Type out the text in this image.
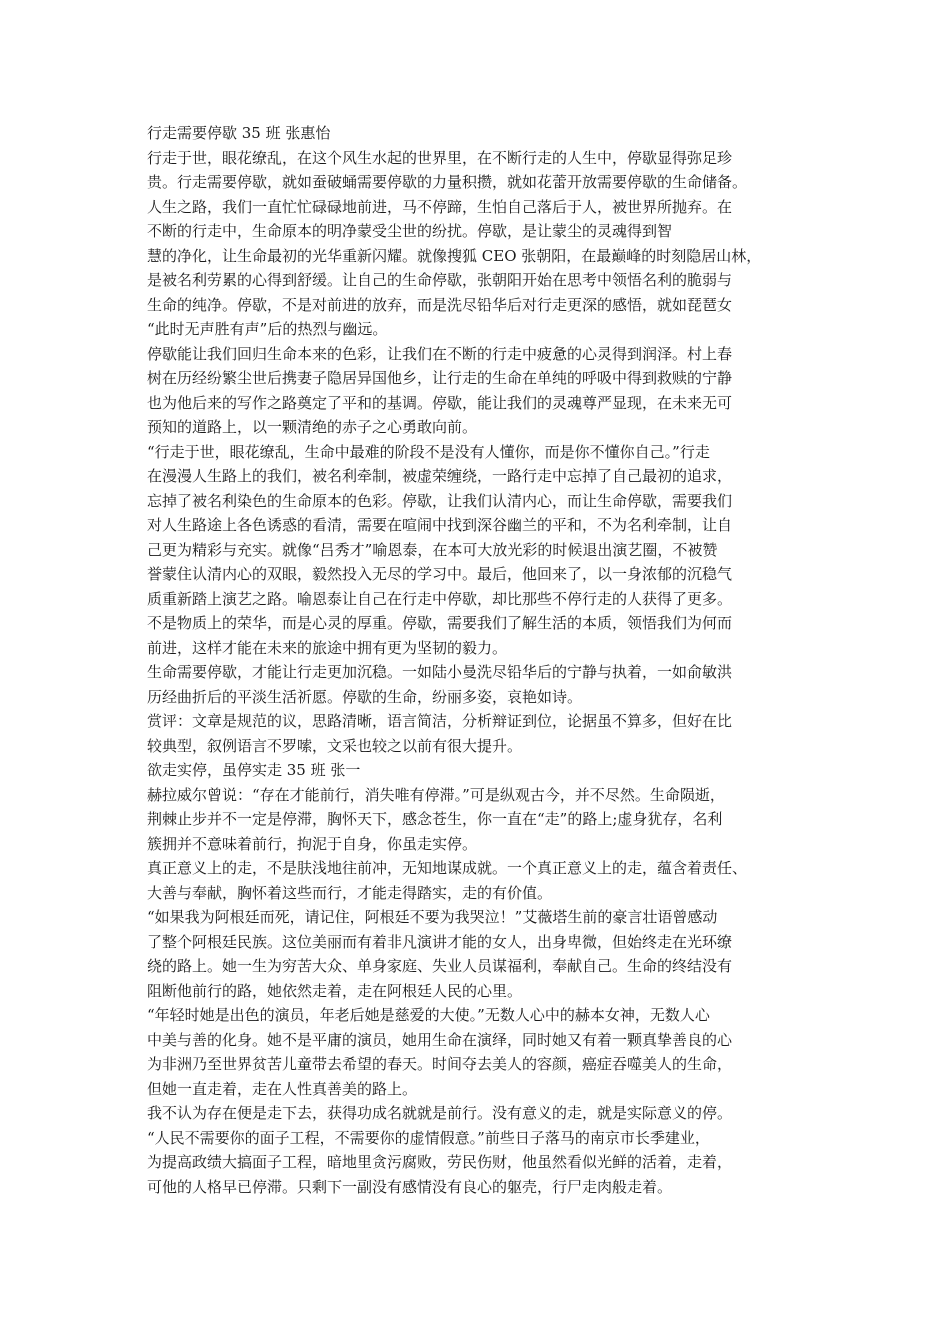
行走需要停歇 35 班 张惠怡
行走于世，眼花缭乱，在这个风生水起的世界里，在不断行走的人生中，停歇显得弥足珍
贵。行走需要停歇，就如蚕破蛹需要停歇的力量积攒，就如花蕾开放需要停歇的生命储备。
人生之路，我们一直忙忙碌碌地前进，马不停蹄，生怕自己落后于人，被世界所抛弃。在
不断的行走中，生命原本的明净蒙受尘世的纷扰。停歇，是让蒙尘的灵魂得到智
慧的净化，让生命最初的光华重新闪耀。就像搜狐 CEO 张朝阳，在最巅峰的时刻隐居山林，
是被名利劳累的心得到舒缓。让自己的生命停歇，张朝阳开始在思考中领悟名利的脆弱与
生命的纯净。停歇，不是对前进的放弃，而是洗尽铅华后对行走更深的感悟，就如琵琶女
“此时无声胜有声”后的热烈与幽远。
停歇能让我们回归生命本来的色彩，让我们在不断的行走中疲惫的心灵得到润泽。村上春
树在历经纷繁尘世后携妻子隐居异国他乡，让行走的生命在单纯的呼吸中得到救赎的宁静
也为他后来的写作之路奠定了平和的基调。停歇，能让我们的灵魂尊严显现，在未来无可
预知的道路上，以一颗清绝的赤子之心勇敢向前。
“行走于世，眼花缭乱，生命中最难的阶段不是没有人懂你，而是你不懂你自己。”行走
在漫漫人生路上的我们，被名利牵制，被虚荣缠绕，一路行走中忘掉了自己最初的追求，
忘掉了被名利染色的生命原本的色彩。停歇，让我们认清内心，而让生命停歇，需要我们
对人生路途上各色诱惑的看清，需要在喧闹中找到深谷幽兰的平和，不为名利牵制，让自
己更为精彩与充实。就像“吕秀才”喻恩泰，在本可大放光彩的时候退出演艺圈，不被赞
誉蒙住认清内心的双眼，毅然投入无尽的学习中。最后，他回来了，以一身浓郁的沉稳气
质重新踏上演艺之路。喻恩泰让自己在行走中停歇，却比那些不停行走的人获得了更多。
不是物质上的荣华，而是心灵的厚重。停歇，需要我们了解生活的本质，领悟我们为何而
前进，这样才能在未来的旅途中拥有更为坚韧的毅力。
生命需要停歇，才能让行走更加沉稳。一如陆小曼洗尽铅华后的宁静与执着，一如俞敏洪
历经曲折后的平淡生活祈愿。停歇的生命，纷丽多姿，哀艳如诗。
赏评：文章是规范的议，思路清晰，语言简洁，分析辩证到位，论据虽不算多，但好在比
较典型，叙例语言不罗嗦，文采也较之以前有很大提升。
欲走实停，虽停实走 35 班 张一
赫拉威尔曾说：“存在才能前行，消失唯有停滞。”可是纵观古今，并不尽然。生命陨逝，
荆棘止步并不一定是停滞，胸怀天下，感念苍生，你一直在“走”的路上;虚身犹存，名利
簇拥并不意味着前行，拘泥于自身，你虽走实停。
真正意义上的走，不是肤浅地往前冲，无知地谋成就。一个真正意义上的走，蕴含着责任、
大善与奉献，胸怀着这些而行，才能走得踏实，走的有价值。
“如果我为阿根廷而死，请记住，阿根廷不要为我哭泣！”艾薇塔生前的豪言壮语曾感动
了整个阿根廷民族。这位美丽而有着非凡演讲才能的女人，出身卑微，但始终走在光环缭
绕的路上。她一生为穷苦大众、单身家庭、失业人员谋福利，奉献自己。生命的终结没有
阻断他前行的路，她依然走着，走在阿根廷人民的心里。
“年轻时她是出色的演员，年老后她是慈爱的大使。”无数人心中的赫本女神，无数人心
中美与善的化身。她不是平庸的演员，她用生命在演绎，同时她又有着一颗真挚善良的心
为非洲乃至世界贫苦儿童带去希望的春天。时间夺去美人的容颜，癌症吞噬美人的生命，
但她一直走着，走在人性真善美的路上。
我不认为存在便是走下去，获得功成名就就是前行。没有意义的走，就是实际意义的停。
“人民不需要你的面子工程，不需要你的虚情假意。”前些日子落马的南京市长季建业，
为提高政绩大搞面子工程，暗地里贪污腐败，劳民伤财，他虽然看似光鲜的活着，走着，
可他的人格早已停滞。只剩下一副没有感情没有良心的躯壳，行尸走肉般走着。
